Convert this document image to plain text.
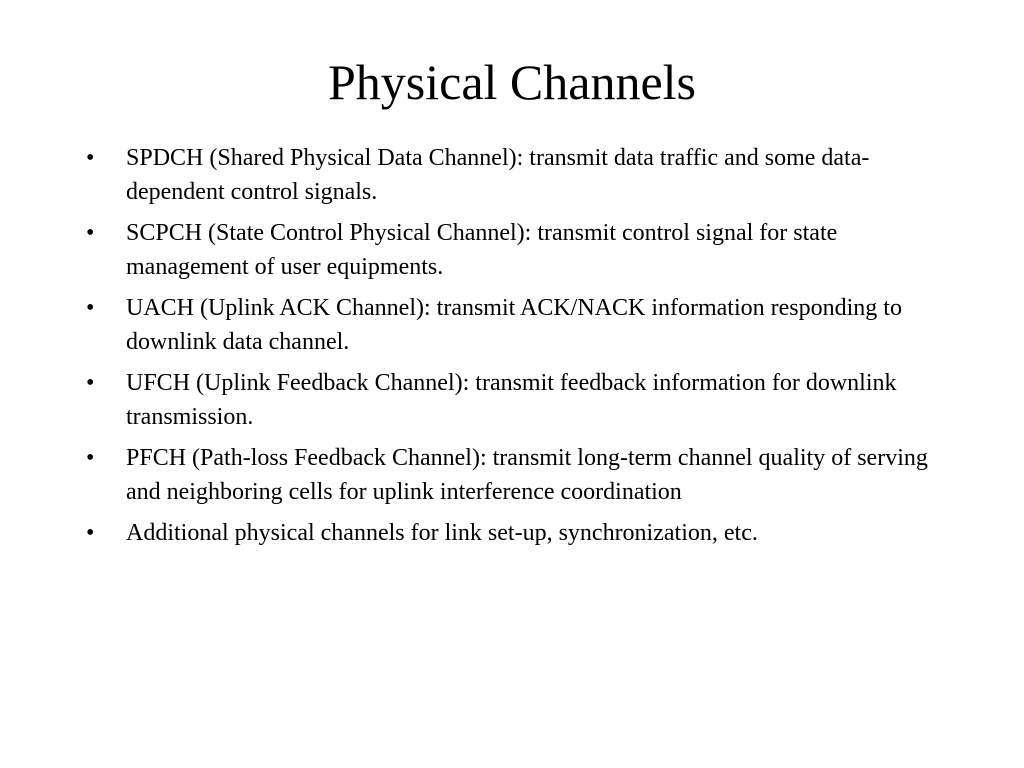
Physical Channels
•	SPDCH (Shared Physical Data Channel): transmit data traffic and some data-dependent control signals.
•	SCPCH (State Control Physical Channel): transmit control signal for state management of user equipments.
•	UACH (Uplink ACK Channel): transmit ACK/NACK information responding to downlink data channel.
•	UFCH (Uplink Feedback Channel): transmit feedback information for downlink transmission.
•	PFCH (Path-loss Feedback Channel): transmit long-term channel quality of serving and neighboring cells for uplink interference coordination
•	Additional physical channels for link set-up, synchronization, etc.
